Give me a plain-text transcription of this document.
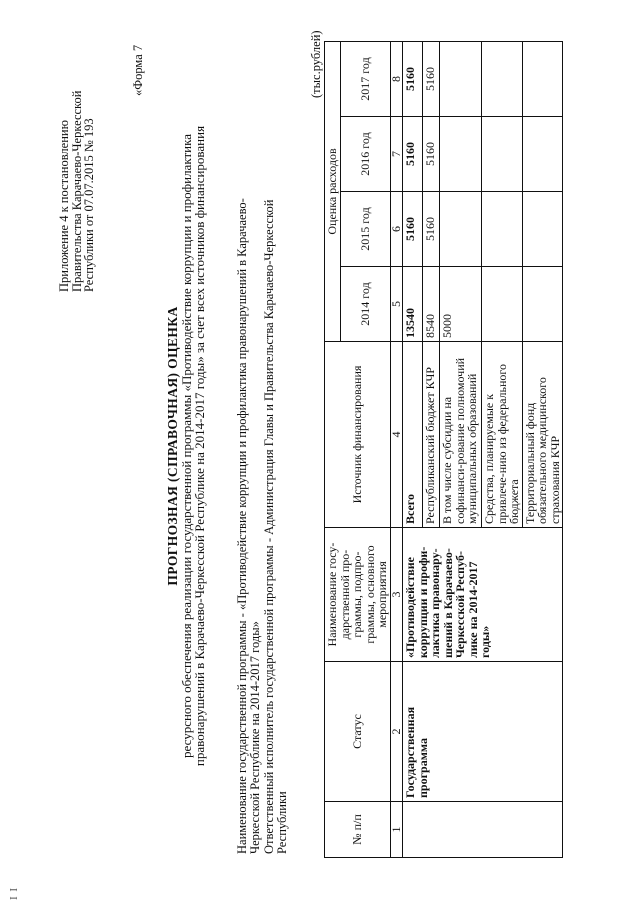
Приложение 4 к постановлению
Правительства Карачаево-Черкесской
Республики от 07.07.2015 № 193
«Форма 7
ПРОГНОЗНАЯ (СПРАВОЧНАЯ) ОЦЕНКА
ресурсного обеспечения реализации государственной программы «Противодействие коррупции и профилактика
правонарушений в Карачаево-Черкесской Республике на 2014-2017 годы» за счет всех источников финансирования Наименование государственной программы - «Противодействие коррупции и профилактика правонарушений в Карачаево- Черкесской Республике на 2014-2017 годы» Ответственный исполнитель государственной программы - Администрация Главы и Правительства Карачаево-Черкесской Республики
(тыс.рублей)
I I
№ п/п	Статус	Наименование госу-дарственной про-граммы, подпро-граммы, основного мероприятия	Источник финансирования	Оценка расходов			
				2014 год	2015 год	2016 год	2017 год
1	2	3	4	5	6	7	8
	Государственная программа	«Противодействие коррупции и профи-лактика правонару-шений в Карачаево-Черкесской Респуб-лике на 2014-2017 годы»	Всего	13540	5160	5160	5160
			Республиканский бюджет КЧР	8540	5160	5160	5160
			В том числе субсидии на софинанси-рование полномочий муниципальных образований	5000			
			Средства, планируемые к привлече-нию из федерального бюджета				
			Территориальный фонд обязательного медицинского страхования КЧР				
